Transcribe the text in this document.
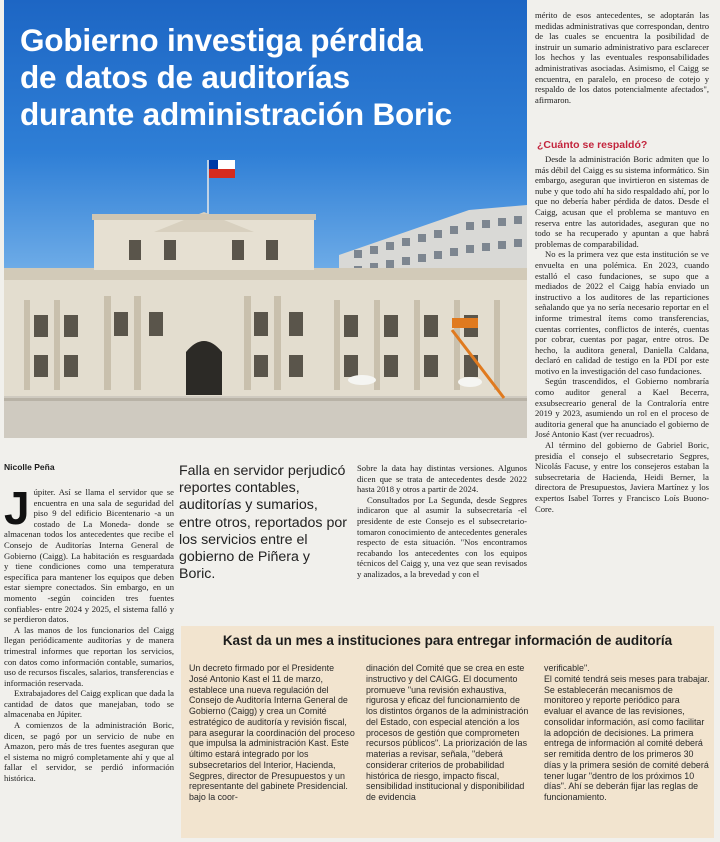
Gobierno investiga pérdida
de datos de auditorías
durante administración Boric
Nicolle Peña
J úpiter. Así se llama el servidor que se encuentra en una sala de seguridad del piso 9 del edificio Bicentenario -a un costado de La Moneda- donde se almacenan todos los antecedentes que recibe el Consejo de Auditorías Interna General de Gobierno (Caigg). La habitación es resguardada y tiene condiciones como una temperatura específica para mantener los equipos que deben estar siempre conectados. Sin embargo, en un momento -según coinciden tres fuentes confiables- entre 2024 y 2025, el sistema falló y se perdieron datos.

A las manos de los funcionarios del Caigg llegan periódicamente auditorías y de manera trimestral informes que reportan los servicios, con datos como información contable, sumarios, uso de recursos fiscales, salarios, transferencias e información reservada.

Extrabajadores del Caigg explican que dada la cantidad de datos que manejaban, todo se almacenaba en Júpiter.

A comienzos de la administración Boric, dicen, se pagó por un servicio de nube en Amazon, pero más de tres fuentes aseguran que el sistema no migró completamente ahí y que al fallar el servidor, se perdió información histórica.

Falla en servidor perjudicó reportes contables, auditorías y sumarios, entre otros, reportados por los servicios entre el gobierno de Piñera y Boric.

Sobre la data hay distintas versiones. Algunos dicen que se trata de antecedentes desde 2022 hasta 2018 y otros a partir de 2024.

Consultados por La Segunda, desde Segpres indicaron que al asumir la subsecretaría -el presidente de este Consejo es el subsecretario- tomaron conocimiento de antecedentes generales respecto de esta situación. "Nos encontramos recabando los antecedentes con los equipos técnicos del Caigg y, una vez que sean revisados y analizados, a la brevedad y con el

mérito de esos antecedentes, se adoptarán las medidas administrativas que correspondan, dentro de las cuales se encuentra la posibilidad de instruir un sumario administrativo para esclarecer los hechos y las eventuales responsabilidades administrativas asociadas. Asimismo, el Caigg se encuentra, en paralelo, en proceso de cotejo y respaldo de los datos potencialmente afectados", afirmaron.

¿Cuánto se respaldó?

Desde la administración Boric admiten que lo más débil del Caigg es su sistema informático. Sin embargo, aseguran que invirtieron en sistemas de nube y que todo ahí ha sido respaldado ahí, por lo que no debería haber pérdida de datos. Desde el Caigg, acusan que el problema se mantuvo en reserva entre las autoridades, aseguran que no todo se ha recuperado y apuntan a que habrá problemas de comparabilidad.

No es la primera vez que esta institución se ve envuelta en una polémica. En 2023, cuando estalló el caso fundaciones, se supo que a mediados de 2022 el Caigg había enviado un instructivo a los auditores de las reparticiones señalando que ya no sería necesario reportar en el informe trimestral ítems como transferencias, cuentas corrientes, conflictos de interés, cuentas por cobrar, cuentas por pagar, entre otros. De hecho, la auditora general, Daniella Caldana, declaró en calidad de testigo en la PDI por este motivo en la investigación del caso fundaciones.

Según trascendidos, el Gobierno nombraría como auditor general a Kael Becerra, exsubsecreario general de la Contraloría entre 2019 y 2023, asumiendo un rol en el proceso de auditoria general que ha anunciado el gobierno de José Antonio Kast (ver recuadros).

Al término del gobierno de Gabriel Boric, presidía el consejo el subsecretario Segpres, Nicolás Facuse, y entre los consejeros estaban la subsecretaria de Hacienda, Heidi Berner, la directora de Presupuestos, Javiera Martínez y los expertos Isabel Torres y Francisco Loís Buono-Core.

Kast da un mes a instituciones para entregar información de auditoría

Un decreto firmado por el Presidente José Antonio Kast el 11 de marzo, establece una nueva regulación del Consejo de Auditoría Interna General de Gobierno (Caigg) y crea un Comité estratégico de auditoría y revisión fiscal, para asegurar la coordinación del proceso que impulsa la administración Kast. Este último estará integrado por los subsecretarios del Interior, Hacienda, Segpres, director de Presupuestos y un representante del gabinete Presidencial. bajo la coor-

dinación del Comité que se crea en este instructivo y del CAIGG. El documento promueve "una revisión exhaustiva, rigurosa y eficaz del funcionamiento de los distintos órganos de la administración del Estado, con especial atención a los procesos de gestión que comprometen recursos públicos". La priorización de las materias a revisar, señala, "deberá considerar criterios de probabilidad histórica de riesgo, impacto fiscal, sensibilidad institucional y disponibilidad de evidencia

verificable".

El comité tendrá seis meses para trabajar. Se establecerán mecanismos de monitoreo y reporte periódico para evaluar el avance de las revisiones, consolidar información, así como facilitar la adopción de decisiones. La primera entrega de información al comité deberá ser remitida dentro de los primeros 30 días y la primera sesión de comité deberá tener lugar "dentro de los próximos 10 días". Ahí se deberán fijar las reglas de funcionamiento.
